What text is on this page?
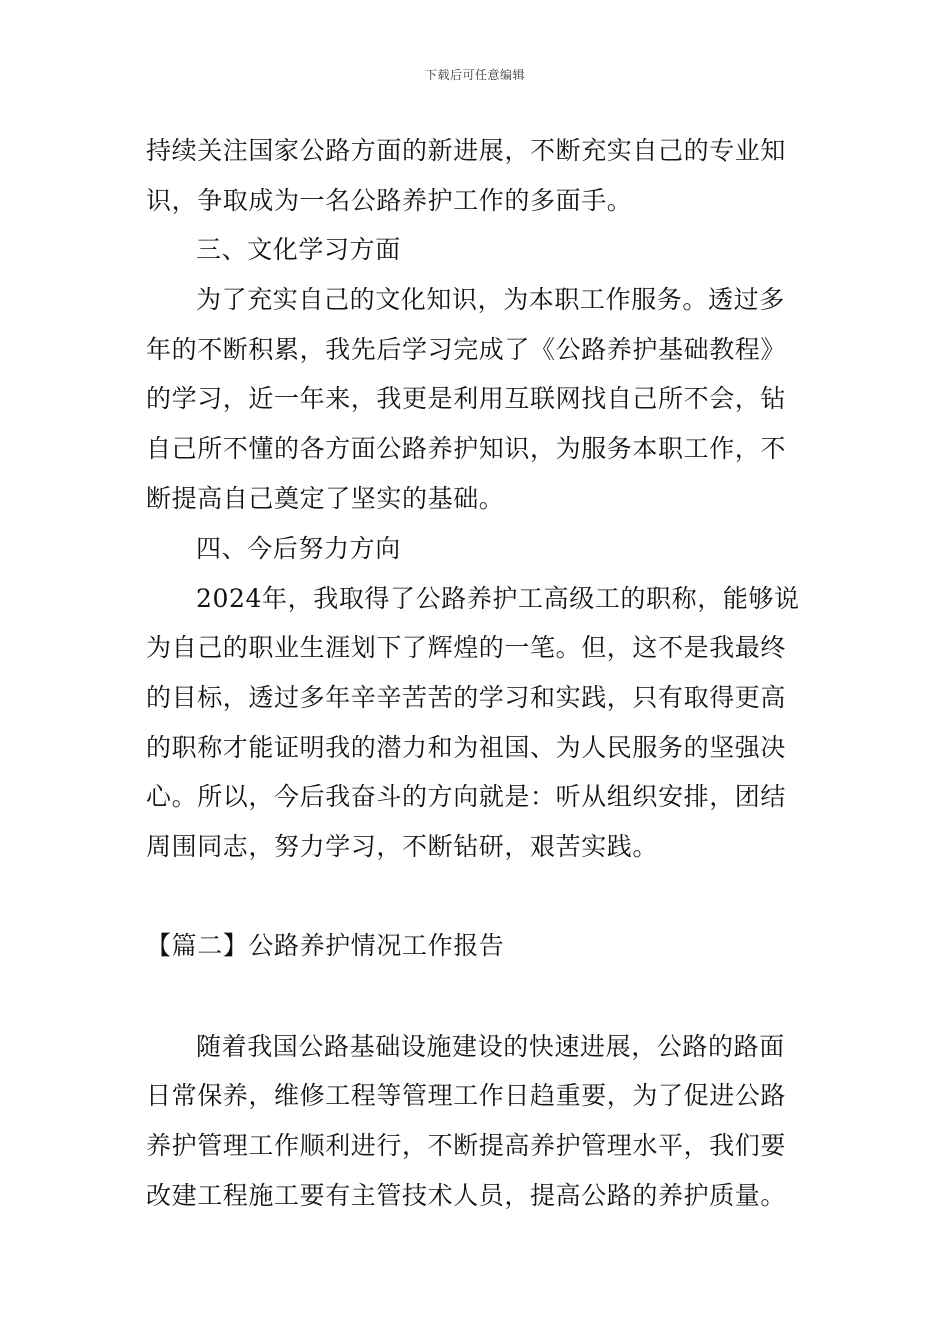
下载后可任意编辑
持续关注国家公路方面的新进展，不断充实自己的专业知
识，争取成为一名公路养护工作的多面手。
三、文化学习方面
为了充实自己的文化知识，为本职工作服务。透过多
年的不断积累，我先后学习完成了《公路养护基础教程》
的学习，近一年来，我更是利用互联网找自己所不会，钻
自己所不懂的各方面公路养护知识，为服务本职工作，不
断提高自己奠定了坚实的基础。
四、今后努力方向
2024年，我取得了公路养护工高级工的职称，能够说
为自己的职业生涯划下了辉煌的一笔。但，这不是我最终
的目标，透过多年辛辛苦苦的学习和实践，只有取得更高
的职称才能证明我的潜力和为祖国、为人民服务的坚强决
心。所以，今后我奋斗的方向就是：听从组织安排，团结
周围同志，努力学习，不断钻研，艰苦实践。
【篇二】公路养护情况工作报告
随着我国公路基础设施建设的快速进展，公路的路面
日常保养，维修工程等管理工作日趋重要，为了促进公路
养护管理工作顺利进行，不断提高养护管理水平，我们要
改建工程施工要有主管技术人员，提高公路的养护质量。
